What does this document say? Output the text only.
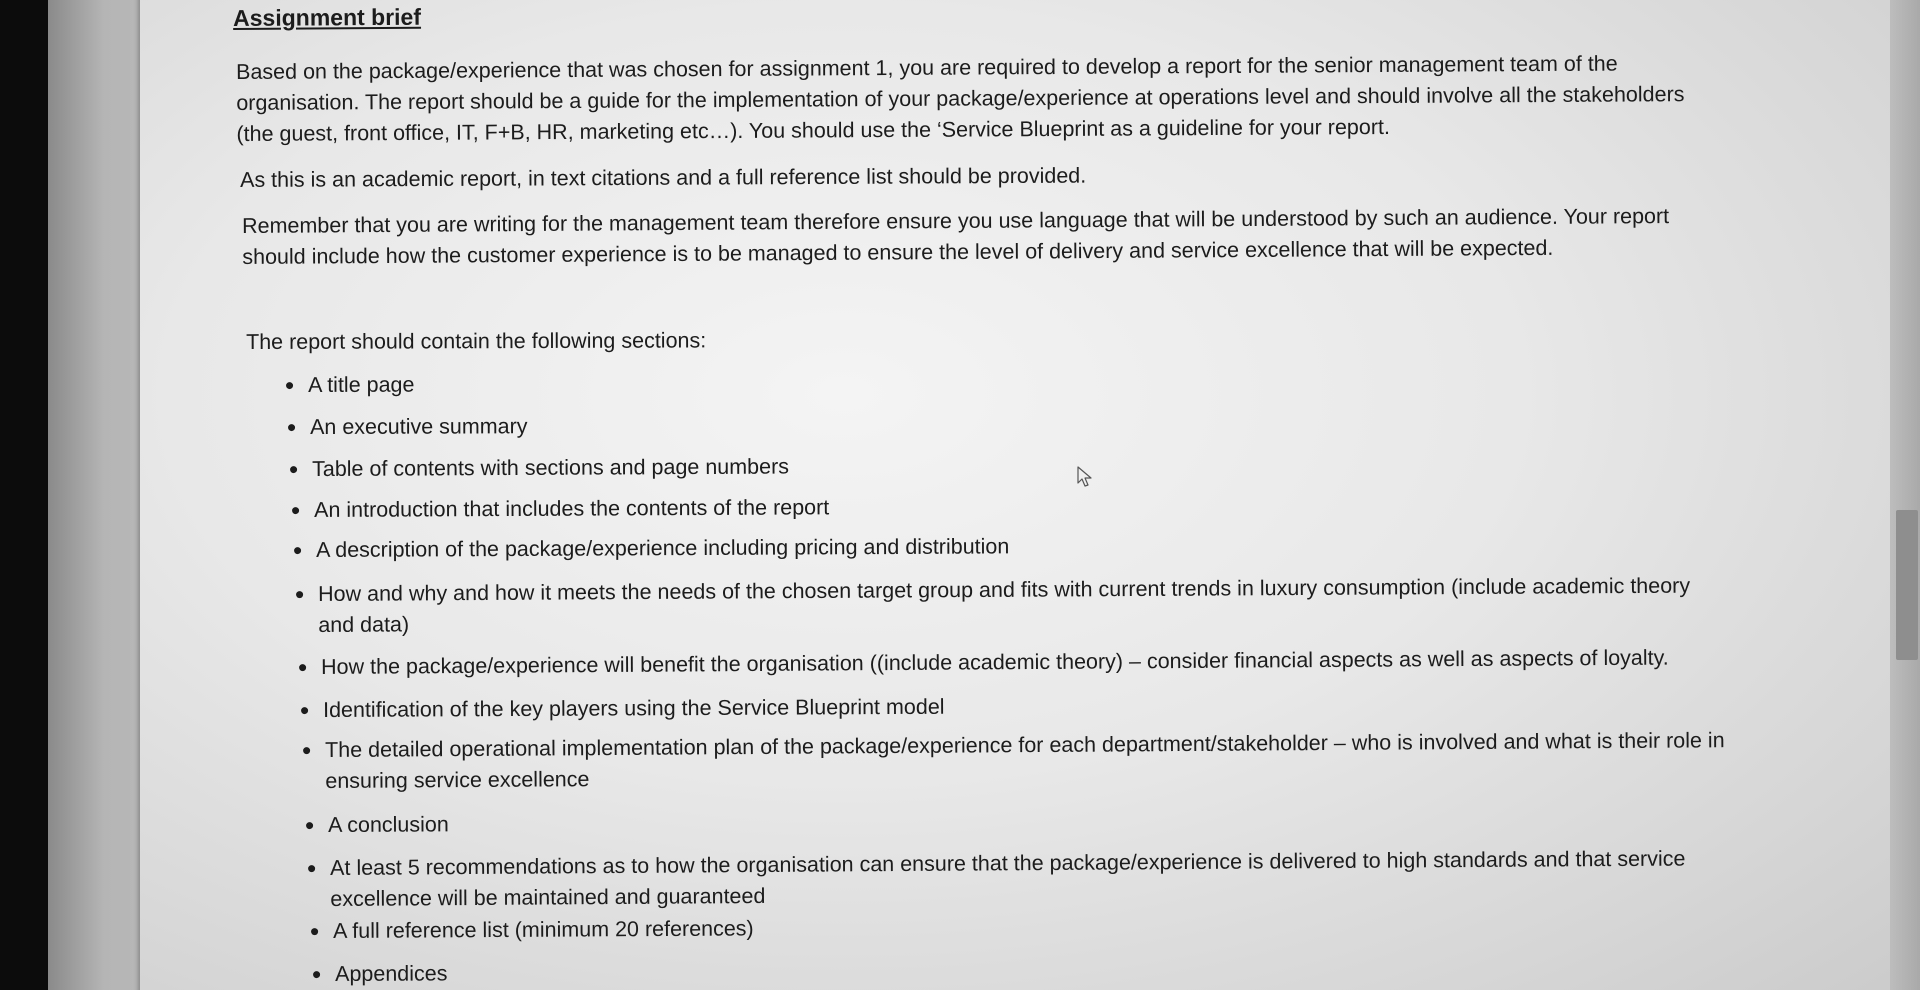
Assignment brief
Based on the package/experience that was chosen for assignment 1, you are required to develop a report for the senior management team of the
organisation. The report should be a guide for the implementation of your package/experience at operations level and should involve all the stakeholders
(the guest, front office, IT, F+B, HR, marketing etc…). You should use the ‘Service Blueprint as a guideline for your report.
As this is an academic report, in text citations and a full reference list should be provided.
Remember that you are writing for the management team therefore ensure you use language that will be understood by such an audience. Your report
should include how the customer experience is to be managed to ensure the level of delivery and service excellence that will be expected.
The report should contain the following sections:
A title page
An executive summary
Table of contents with sections and page numbers
An introduction that includes the contents of the report
A description of the package/experience including pricing and distribution
How and why and how it meets the needs of the chosen target group and fits with current trends in luxury consumption (include academic theory
and data)
How the package/experience will benefit the organisation ((include academic theory) – consider financial aspects as well as aspects of loyalty.
Identification of the key players using the Service Blueprint model
The detailed operational implementation plan of the package/experience for each department/stakeholder – who is involved and what is their role in
ensuring service excellence
A conclusion
At least 5 recommendations as to how the organisation can ensure that the package/experience is delivered to high standards and that service
excellence will be maintained and guaranteed
A full reference list (minimum 20 references)
Appendices
